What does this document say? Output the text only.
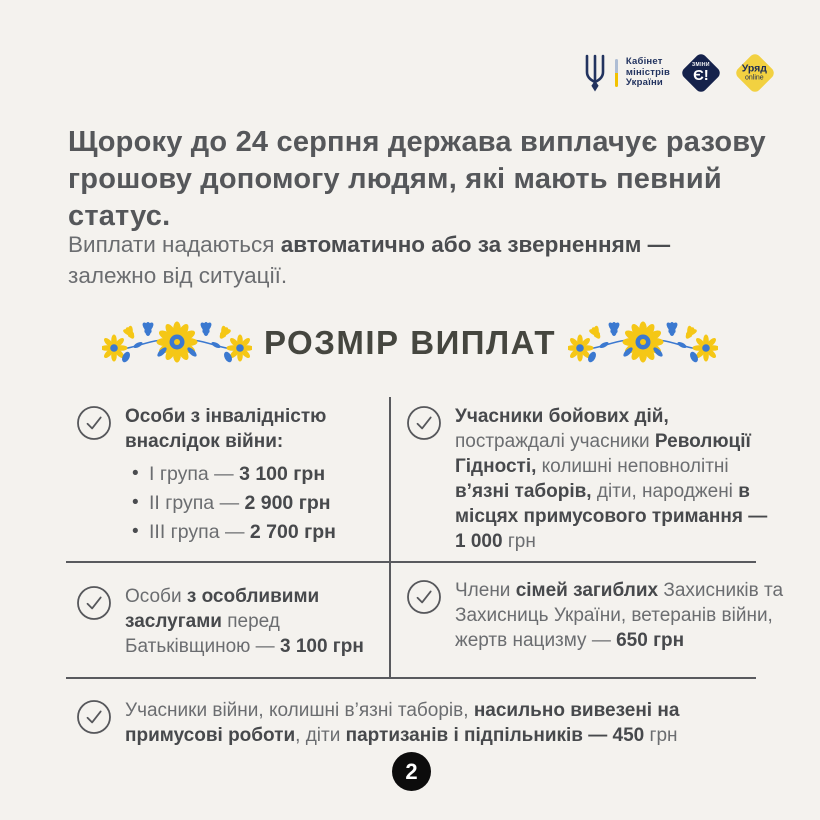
Кабінет
міністрів
України
ЗМІНИ
Є!	Уряд
online
Щороку до 24 серпня держава виплачує разову
грошову допомогу людям, які мають певний
статус.
Виплати надаються автоматично або за зверненням —
залежно від ситуації.
РОЗМІР ВИПЛАТ
Особи з інвалідністю внаслідок війни:
• І група — 3 100 грн
• ІІ група — 2 900 грн
• ІІІ група — 2 700 грн
Учасники бойових дій,
постраждалі учасники Революції Гідності, колишні неповнолітні в’язні таборів, діти, народжені в місцях примусового тримання — 1 000 грн
Особи з особливими заслугами перед Батьківщиною — 3 100 грн
Члени сімей загиблих Захисників та Захисниць України, ветеранів війни, жертв нацизму — 650 грн
Учасники війни, колишні в’язні таборів, насильно вивезені на примусові роботи, діти партизанів і підпільників — 450 грн
2
